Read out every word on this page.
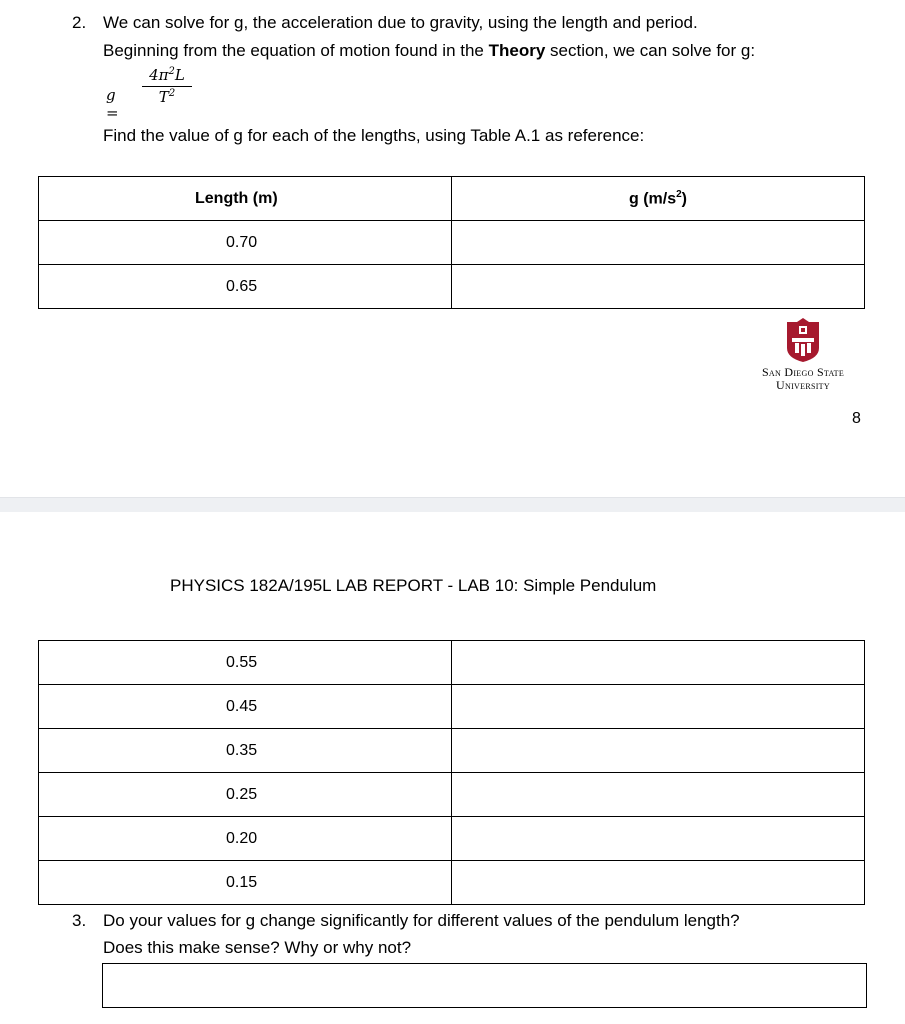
2. We can solve for g, the acceleration due to gravity, using the length and period.
Beginning from the equation of motion found in the Theory section, we can solve for g:
g =
$\frac{4\pi^2L}{T^2}$
Find the value of g for each of the lengths, using Table A.1 as reference:
Length (m)	g $(m/s^2)$
0.70	
0.65	
San Diego State
University
8
PHYSICS 182A/195L LAB REPORT - LAB 10: Simple Pendulum
0.55	
0.45	
0.35	
0.25	
0.20	
0.15	
3. Do your values for g change significantly for different values of the pendulum length?
Does this make sense? Why or why not?
